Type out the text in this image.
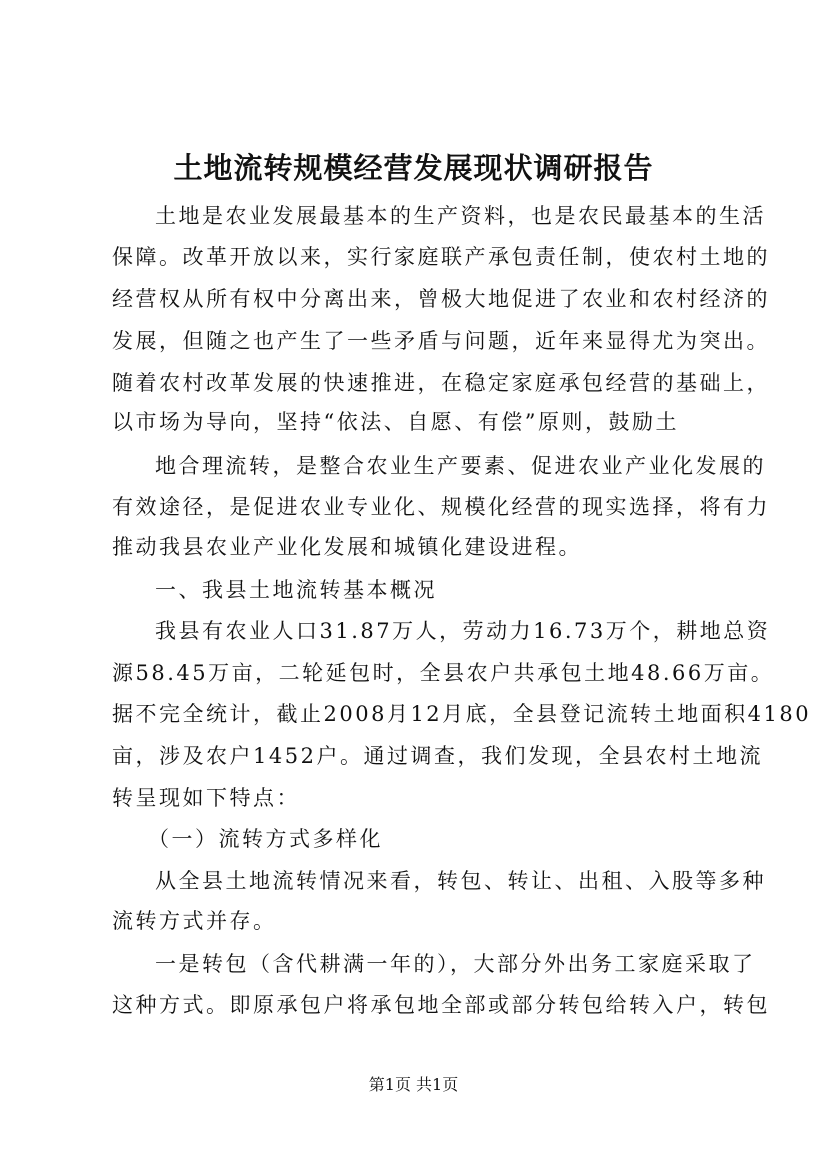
土地流转规模经营发展现状调研报告
土地是农业发展最基本的生产资料，也是农民最基本的生活
保障。改革开放以来，实行家庭联产承包责任制，使农村土地的
经营权从所有权中分离出来，曾极大地促进了农业和农村经济的
发展，但随之也产生了一些矛盾与问题，近年来显得尤为突出。
随着农村改革发展的快速推进，在稳定家庭承包经营的基础上，
以市场为导向，坚持“依法、自愿、有偿”原则，鼓励土
地合理流转，是整合农业生产要素、促进农业产业化发展的
有效途径，是促进农业专业化、规模化经营的现实选择，将有力
推动我县农业产业化发展和城镇化建设进程。
一、我县土地流转基本概况
我县有农业人口31.87万人，劳动力16.73万个，耕地总资
源58.45万亩，二轮延包时，全县农户共承包土地48.66万亩。
据不完全统计，截止2008月12月底，全县登记流转土地面积4180
亩，涉及农户1452户。通过调查，我们发现，全县农村土地流
转呈现如下特点：
（一）流转方式多样化
从全县土地流转情况来看，转包、转让、出租、入股等多种
流转方式并存。
一是转包（含代耕满一年的），大部分外出务工家庭采取了
这种方式。即原承包户将承包地全部或部分转包给转入户，转包
第1页 共1页
